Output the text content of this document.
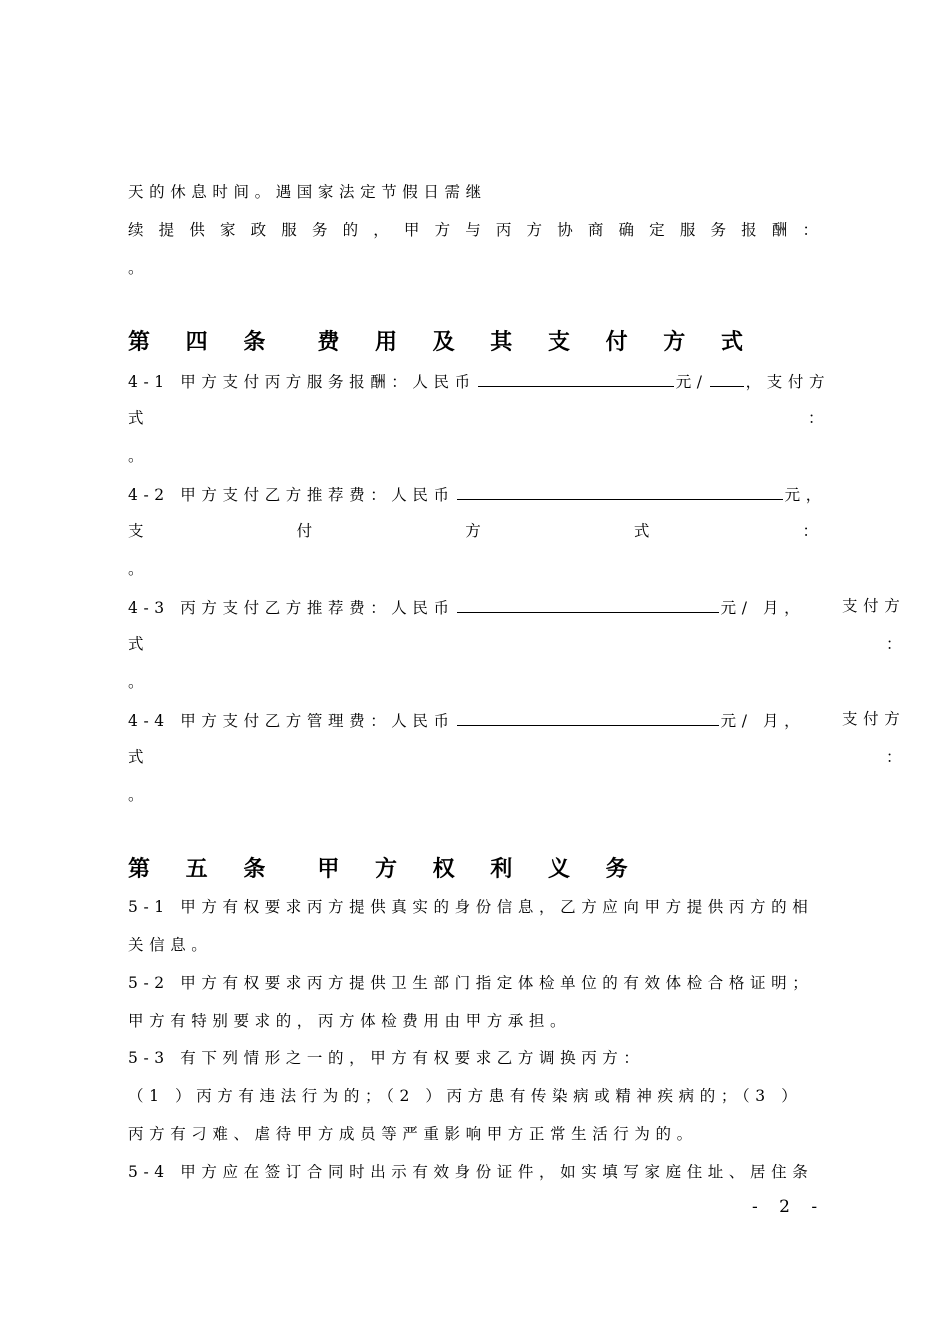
天的休息时间。遇国家法定节假日需继
续 提 供 家 政 服 务 的 ， 甲 方 与 丙 方 协 商 确 定 服 务 报 酬 ：
。
第 四 条 费 用 及 其 支 付 方 式
4-1 甲方支付丙方服务报酬：人民币	元/ ，支付方
式	：
。
4-2 甲方支付乙方推荐费：人民币	元，
支	付	方	式	：
。
4-3 丙方支付乙方推荐费：人民币	元/ 月， 支付方
式	：
。
4-4 甲方支付乙方管理费：人民币	元/ 月， 支付方
式	：
。
第 五 条 甲 方 权 利 义 务
5-1 甲方有权要求丙方提供真实的身份信息，乙方应向甲方提供丙方的相
关信息。
5-2 甲方有权要求丙方提供卫生部门指定体检单位的有效体检合格证明；
甲方有特别要求的，丙方体检费用由甲方承担。
5-3 有下列情形之一的，甲方有权要求乙方调换丙方：
（1 ）丙方有违法行为的；（2 ）丙方患有传染病或精神疾病的；（3 ）
丙方有刁难、虐待甲方成员等严重影响甲方正常生活行为的。
5-4 甲方应在签订合同时出示有效身份证件，如实填写家庭住址、居住条
- 2 -
